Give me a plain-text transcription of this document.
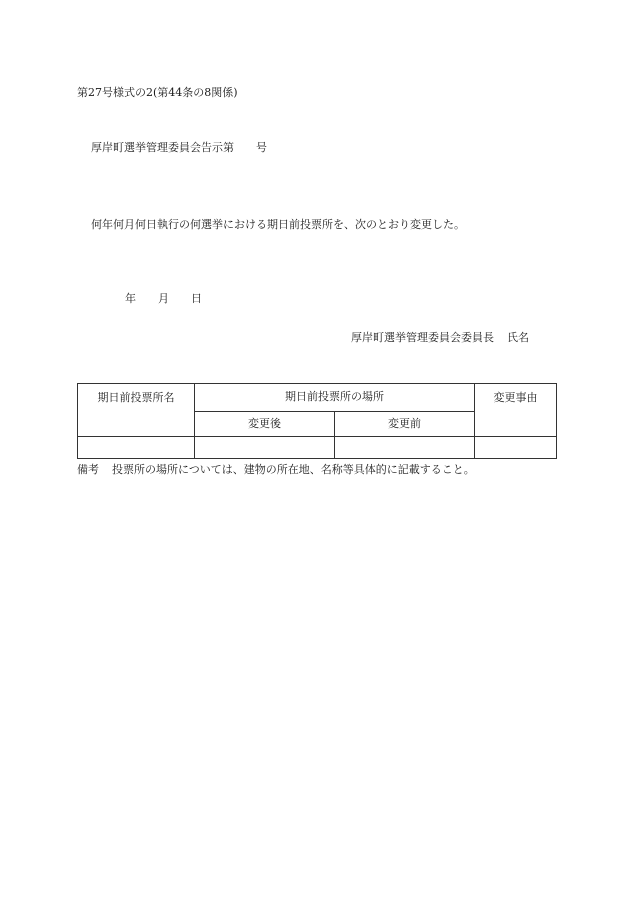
第27号様式の2(第44条の8関係)
厚岸町選挙管理委員会告示第 号
何年何月何日執行の何選挙における期日前投票所を、次のとおり変更した。
年 月 日
厚岸町選挙管理委員会委員長 氏名
期日前投票所名	期日前投票所の場所		変更事由
	変更後	変更前	

備考 投票所の場所については、建物の所在地、名称等具体的に記載すること。
